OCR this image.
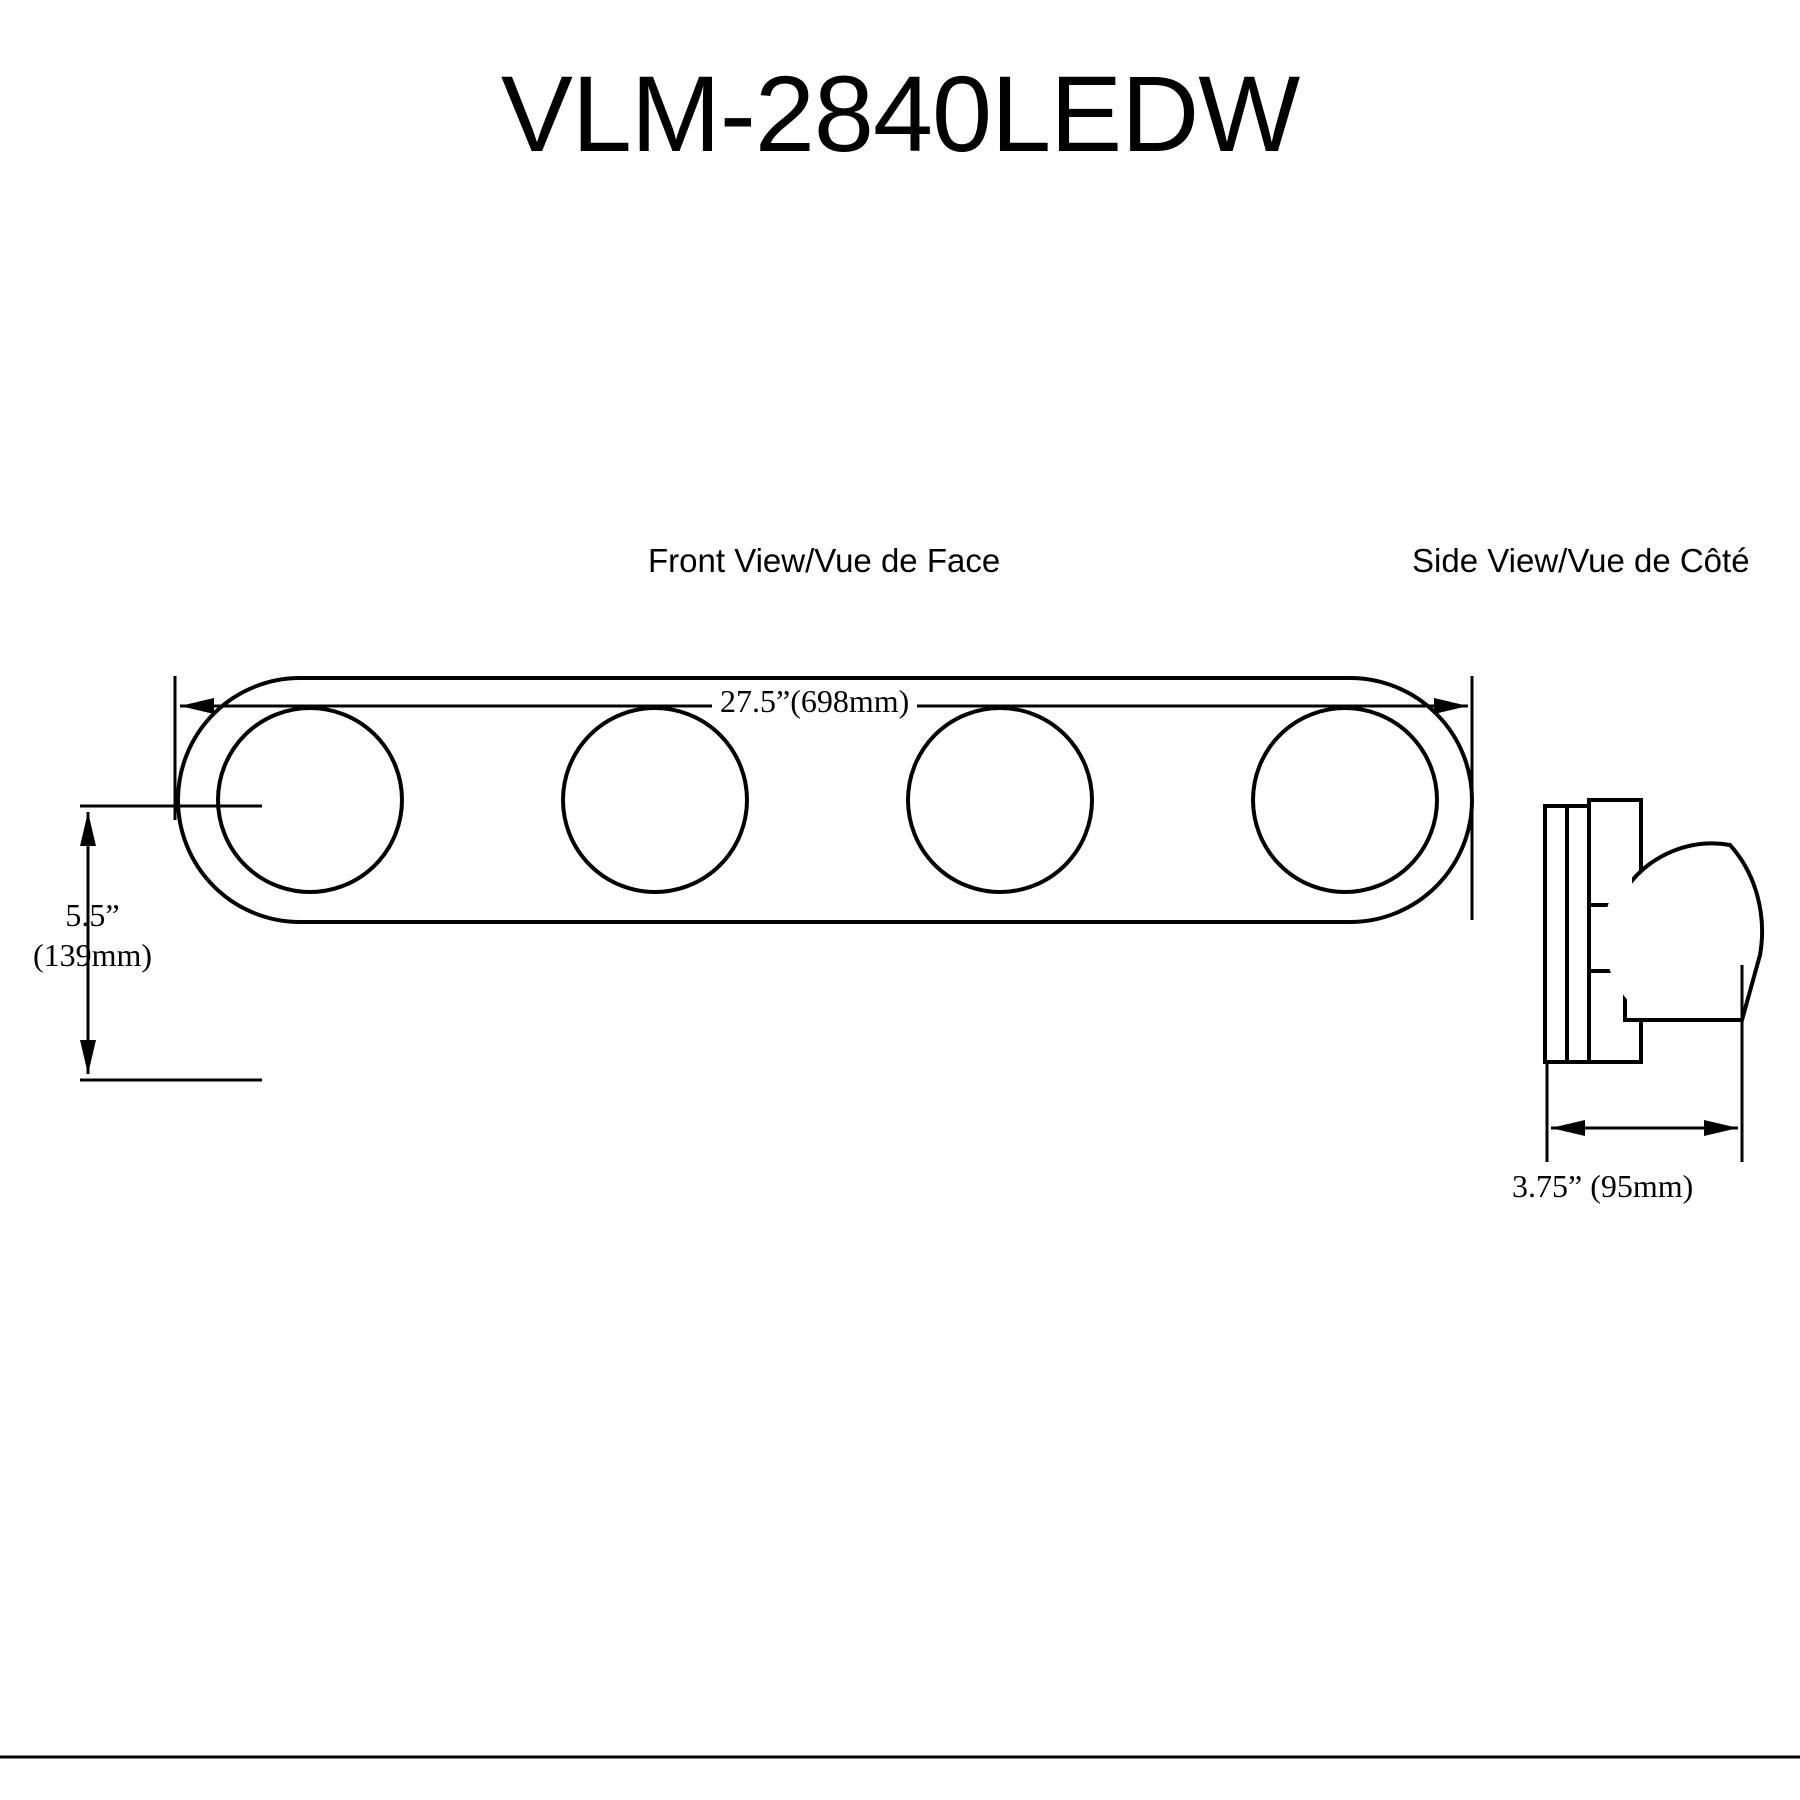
VLM-2840LEDW
Front View/Vue de Face	Side View/Vue de Côté
27.5”(698mm)
5.5”
(139mm)
3.75” (95mm)
